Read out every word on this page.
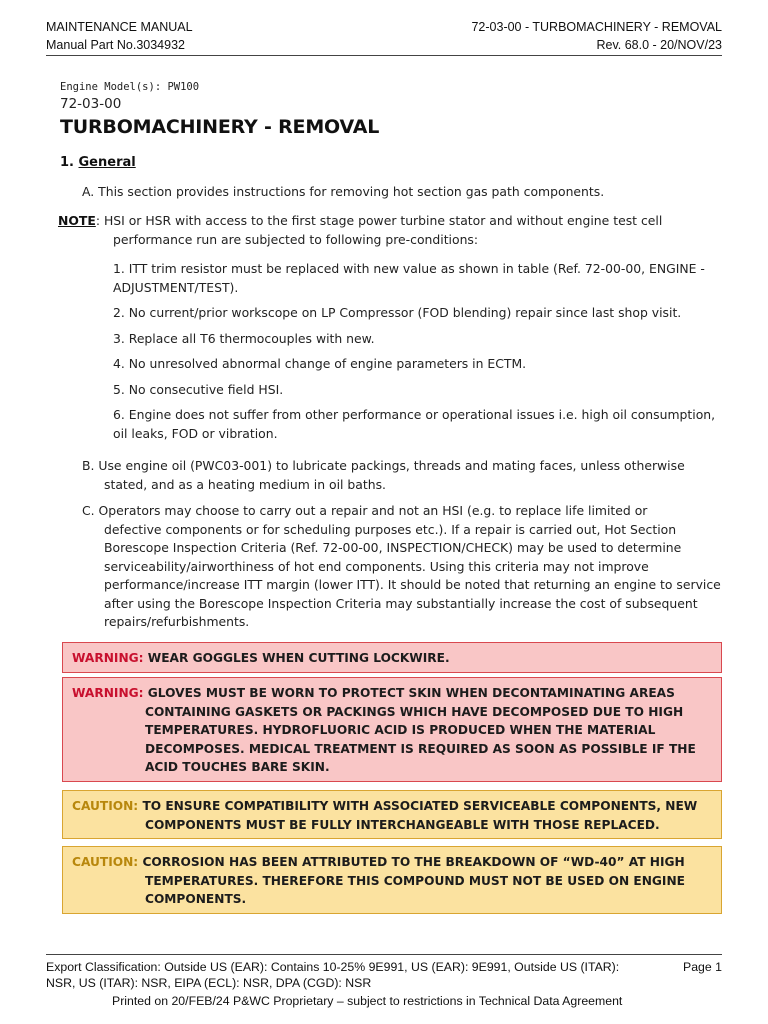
MAINTENANCE MANUAL
Manual Part No.3034932
72-03-00 - TURBOMACHINERY - REMOVAL
Rev. 68.0 - 20/NOV/23
Engine Model(s): PW100
72-03-00
TURBOMACHINERY - REMOVAL
1. General
A. This section provides instructions for removing hot section gas path components.
NOTE: HSI or HSR with access to the first stage power turbine stator and without engine test cell
performance run are subjected to following pre-conditions:
1. ITT trim resistor must be replaced with new value as shown in table (Ref. 72-00-00, ENGINE -ADJUSTMENT/TEST).
2. No current/prior workscope on LP Compressor (FOD blending) repair since last shop visit.
3. Replace all T6 thermocouples with new.
4. No unresolved abnormal change of engine parameters in ECTM.
5. No consecutive field HSI.
6. Engine does not suffer from other performance or operational issues i.e. high oil consumption, oil leaks, FOD or vibration.
B. Use engine oil (PWC03-001) to lubricate packings, threads and mating faces, unless otherwise
stated, and as a heating medium in oil baths.
C. Operators may choose to carry out a repair and not an HSI (e.g. to replace life limited or
defective components or for scheduling purposes etc.). If a repair is carried out, Hot Section Borescope Inspection Criteria (Ref. 72-00-00, INSPECTION/CHECK) may be used to determine serviceability/airworthiness of hot end components. Using this criteria may not improve performance/increase ITT margin (lower ITT). It should be noted that returning an engine to service after using the Borescope Inspection Criteria may substantially increase the cost of subsequent repairs/refurbishments.
WARNING: WEAR GOGGLES WHEN CUTTING LOCKWIRE.
WARNING: GLOVES MUST BE WORN TO PROTECT SKIN WHEN DECONTAMINATING AREAS
CONTAINING GASKETS OR PACKINGS WHICH HAVE DECOMPOSED DUE TO HIGH TEMPERATURES. HYDROFLUORIC ACID IS PRODUCED WHEN THE MATERIAL DECOMPOSES. MEDICAL TREATMENT IS REQUIRED AS SOON AS POSSIBLE IF THE ACID TOUCHES BARE SKIN.
CAUTION: TO ENSURE COMPATIBILITY WITH ASSOCIATED SERVICEABLE COMPONENTS, NEW
COMPONENTS MUST BE FULLY INTERCHANGEABLE WITH THOSE REPLACED.
CAUTION: CORROSION HAS BEEN ATTRIBUTED TO THE BREAKDOWN OF “WD-40” AT HIGH
TEMPERATURES. THEREFORE THIS COMPOUND MUST NOT BE USED ON ENGINE COMPONENTS.
Export Classification: Outside US (EAR): Contains 10-25% 9E991, US (EAR): 9E991, Outside US (ITAR): NSR, US (ITAR): NSR, EIPA (ECL): NSR, DPA (CGD): NSR
Page 1
Printed on 20/FEB/24 P&WC Proprietary – subject to restrictions in Technical Data Agreement
